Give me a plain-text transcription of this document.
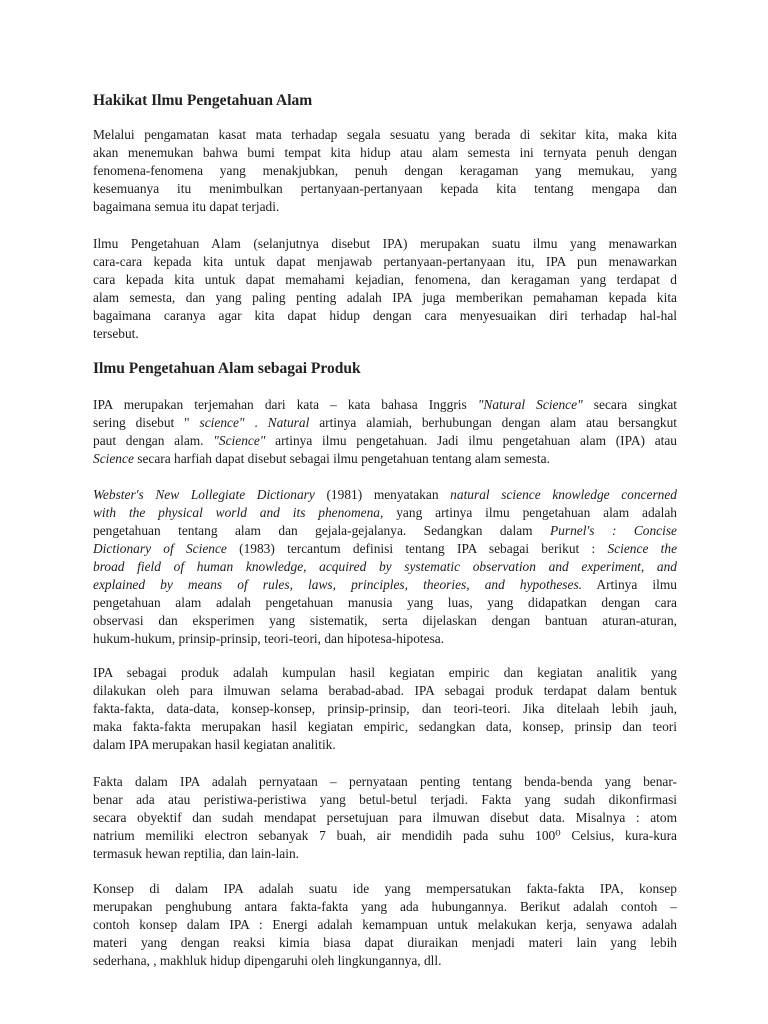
Hakikat Ilmu Pengetahuan Alam

Melalui pengamatan kasat mata terhadap segala sesuatu yang berada di sekitar kita, maka kita
akan menemukan bahwa bumi tempat kita hidup atau alam semesta ini ternyata penuh dengan
fenomena-fenomena yang menakjubkan, penuh dengan keragaman yang memukau, yang
kesemuanya itu menimbulkan pertanyaan-pertanyaan kepada kita tentang mengapa dan
bagaimana semua itu dapat terjadi.

Ilmu Pengetahuan Alam (selanjutnya disebut IPA) merupakan suatu ilmu yang menawarkan
cara-cara kepada kita untuk dapat menjawab pertanyaan-pertanyaan itu, IPA pun menawarkan
cara kepada kita untuk dapat memahami kejadian, fenomena, dan keragaman yang terdapat d
alam semesta, dan yang paling penting adalah IPA juga memberikan pemahaman kepada kita
bagaimana caranya agar kita dapat hidup dengan cara menyesuaikan diri terhadap hal-hal
tersebut.

Ilmu Pengetahuan Alam sebagai Produk

IPA merupakan terjemahan dari kata – kata bahasa Inggris "Natural Science" secara singkat
sering disebut " science" . Natural artinya alamiah, berhubungan dengan alam atau bersangkut
paut dengan alam. "Science" artinya ilmu pengetahuan. Jadi ilmu pengetahuan alam (IPA) atau
Science secara harfiah dapat disebut sebagai ilmu pengetahuan tentang alam semesta.

Webster's New Lollegiate Dictionary (1981) menyatakan natural science knowledge concerned
with the physical world and its phenomena, yang artinya ilmu pengetahuan alam adalah
pengetahuan tentang alam dan gejala-gejalanya. Sedangkan dalam Purnel's : Concise
Dictionary of Science (1983) tercantum definisi tentang IPA sebagai berikut : Science the
broad field of human knowledge, acquired by systematic observation and experiment, and
explained by means of rules, laws, principles, theories, and hypotheses. Artinya ilmu
pengetahuan alam adalah pengetahuan manusia yang luas, yang didapatkan dengan cara
observasi dan eksperimen yang sistematik, serta dijelaskan dengan bantuan aturan-aturan,
hukum-hukum, prinsip-prinsip, teori-teori, dan hipotesa-hipotesa.

IPA sebagai produk adalah kumpulan hasil kegiatan empiric dan kegiatan analitik yang
dilakukan oleh para ilmuwan selama berabad-abad. IPA sebagai produk terdapat dalam bentuk
fakta-fakta, data-data, konsep-konsep, prinsip-prinsip, dan teori-teori. Jika ditelaah lebih jauh,
maka fakta-fakta merupakan hasil kegiatan empiric, sedangkan data, konsep, prinsip dan teori
dalam IPA merupakan hasil kegiatan analitik.

Fakta dalam IPA adalah pernyataan – pernyataan penting tentang benda-benda yang benar-
benar ada atau peristiwa-peristiwa yang betul-betul terjadi. Fakta yang sudah dikonfirmasi
secara obyektif dan sudah mendapat persetujuan para ilmuwan disebut data. Misalnya : atom
natrium memiliki electron sebanyak 7 buah, air mendidih pada suhu 100⁰ Celsius, kura-kura
termasuk hewan reptilia, dan lain-lain.

Konsep di dalam IPA adalah suatu ide yang mempersatukan fakta-fakta IPA, konsep
merupakan penghubung antara fakta-fakta yang ada hubungannya. Berikut adalah contoh –
contoh konsep dalam IPA : Energi adalah kemampuan untuk melakukan kerja, senyawa adalah
materi yang dengan reaksi kimia biasa dapat diuraikan menjadi materi lain yang lebih
sederhana, , makhluk hidup dipengaruhi oleh lingkungannya, dll.
